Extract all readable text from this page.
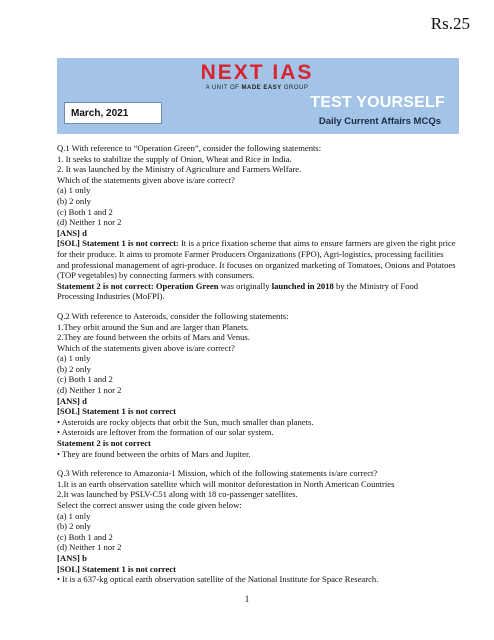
Rs.25
NEXT IAS
A UNIT OF MADE EASY GROUP
March, 2021
TEST YOURSELF
Daily Current Affairs MCQs

Q.1 With reference to “Operation Green”, consider the following statements:

1. It seeks to stabilize the supply of Onion, Wheat and Rice in India.

2. It was launched by the Ministry of Agriculture and Farmers Welfare.

Which of the statements given above is/are correct?

(a) 1 only

(b) 2 only

(c) Both 1 and 2

(d) Neither 1 nor 2

[ANS] d

[SOL] Statement 1 is not correct: It is a price fixation scheme that aims to ensure farmers are given the right price for their produce. It aims to promote Farmer Producers Organizations (FPO), Agri-logistics, processing facilities and professional management of agri-produce. It focuses on organized marketing of Tomatoes, Onions and Potatoes (TOP vegetables) by connecting farmers with consumers.

Statement 2 is not correct: Operation Green was originally launched in 2018 by the Ministry of Food Processing Industries (MoFPI).

Q.2 With reference to Asteroids, consider the following statements:

1.They orbit around the Sun and are larger than Planets.

2.They are found between the orbits of Mars and Venus.

Which of the statements given above is/are correct?

(a) 1 only

(b) 2 only

(c) Both 1 and 2

(d) Neither 1 nor 2

[ANS] d

[SOL] Statement 1 is not correct

• Asteroids are rocky objects that orbit the Sun, much smaller than planets.

• Asteroids are leftover from the formation of our solar system.

Statement 2 is not correct

• They are found between the orbits of Mars and Jupiter.

Q.3 With reference to Amazonia-1 Mission, which of the following statements is/are correct?

1.It is an earth observation satellite which will monitor deforestation in North American Countries

2.It was launched by PSLV-C51 along with 18 co-passenger satellites.

Select the correct answer using the code given below:

(a) 1 only

(b) 2 only

(c) Both 1 and 2

(d) Neither 1 nor 2

[ANS] b

[SOL] Statement 1 is not correct

• It is a 637-kg optical earth observation satellite of the National Institute for Space Research.

1
